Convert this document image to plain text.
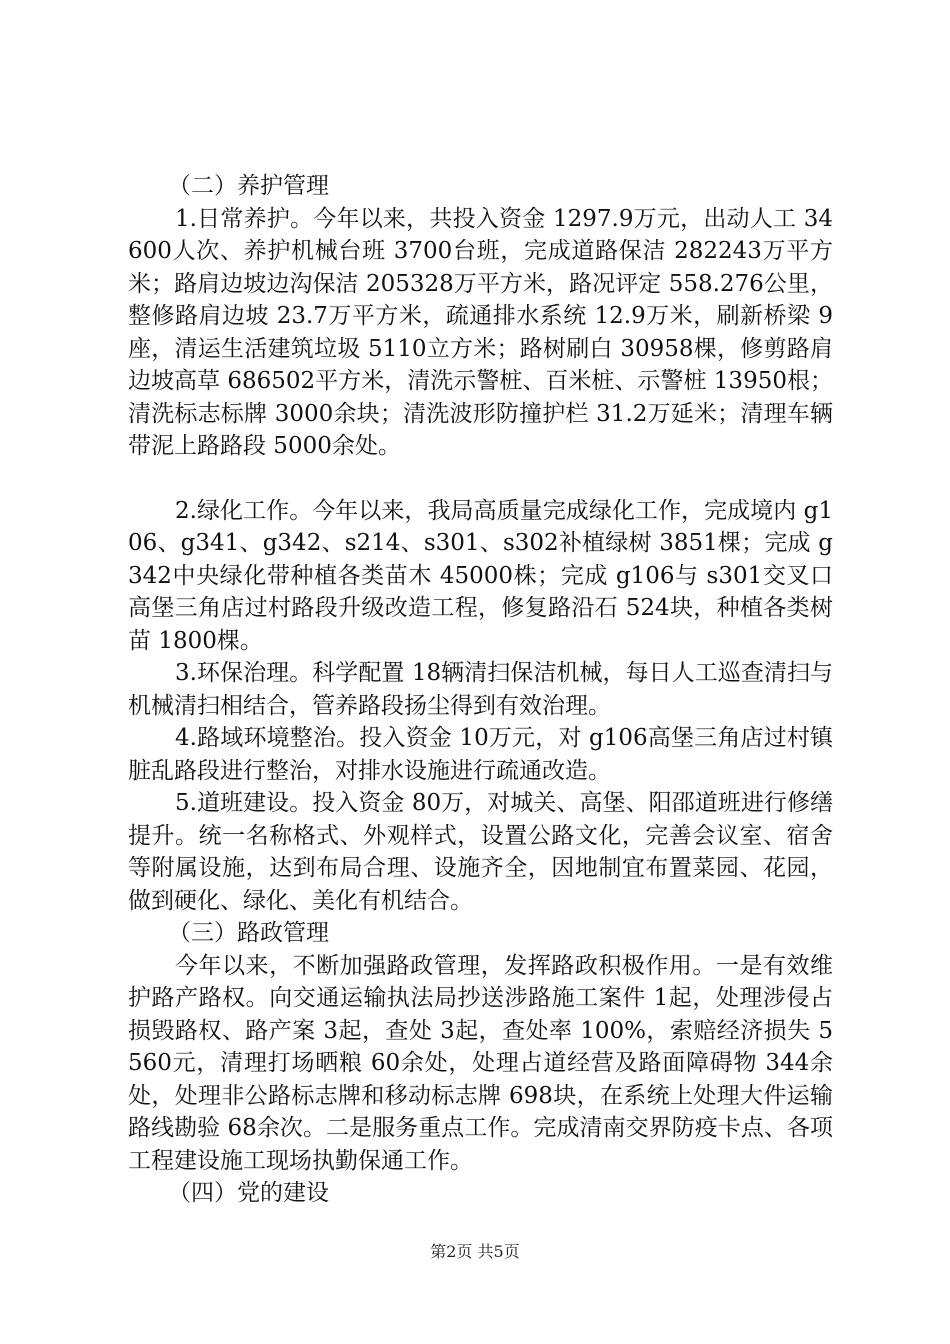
（二）养护管理

1.日常养护。今年以来，共投入资金 1297.9万元，出动人工 34600人次、养护机械台班 3700台班，完成道路保洁 282243万平方米；路肩边坡边沟保洁 205328万平方米，路况评定 558.276公里，整修路肩边坡 23.7万平方米，疏通排水系统 12.9万米，刷新桥梁 9座，清运生活建筑垃圾 5110立方米；路树刷白 30958棵，修剪路肩边坡高草 686502平方米，清洗示警桩、百米桩、示警桩 13950根；清洗标志标牌 3000余块；清洗波形防撞护栏 31.2万延米；清理车辆带泥上路路段 5000余处。

2.绿化工作。今年以来，我局高质量完成绿化工作，完成境内 g106、g341、g342、s214、s301、s302补植绿树 3851棵；完成 g342中央绿化带种植各类苗木 45000株；完成 g106与 s301交叉口高堡三角店过村路段升级改造工程，修复路沿石 524块，种植各类树苗 1800棵。

3.环保治理。科学配置 18辆清扫保洁机械，每日人工巡查清扫与机械清扫相结合，管养路段扬尘得到有效治理。

4.路域环境整治。投入资金 10万元，对 g106高堡三角店过村镇脏乱路段进行整治，对排水设施进行疏通改造。

5.道班建设。投入资金 80万，对城关、高堡、阳邵道班进行修缮提升。统一名称格式、外观样式，设置公路文化，完善会议室、宿舍等附属设施，达到布局合理、设施齐全，因地制宜布置菜园、花园，做到硬化、绿化、美化有机结合。

（三）路政管理

今年以来，不断加强路政管理，发挥路政积极作用。一是有效维护路产路权。向交通运输执法局抄送涉路施工案件 1起，处理涉侵占损毁路权、路产案 3起，查处 3起，查处率 100%，索赔经济损失 5560元，清理打场晒粮 60余处，处理占道经营及路面障碍物 344余处，处理非公路标志牌和移动标志牌 698块，在系统上处理大件运输路线勘验 68余次。二是服务重点工作。完成清南交界防疫卡点、各项工程建设施工现场执勤保通工作。

（四）党的建设

第2页 共5页
